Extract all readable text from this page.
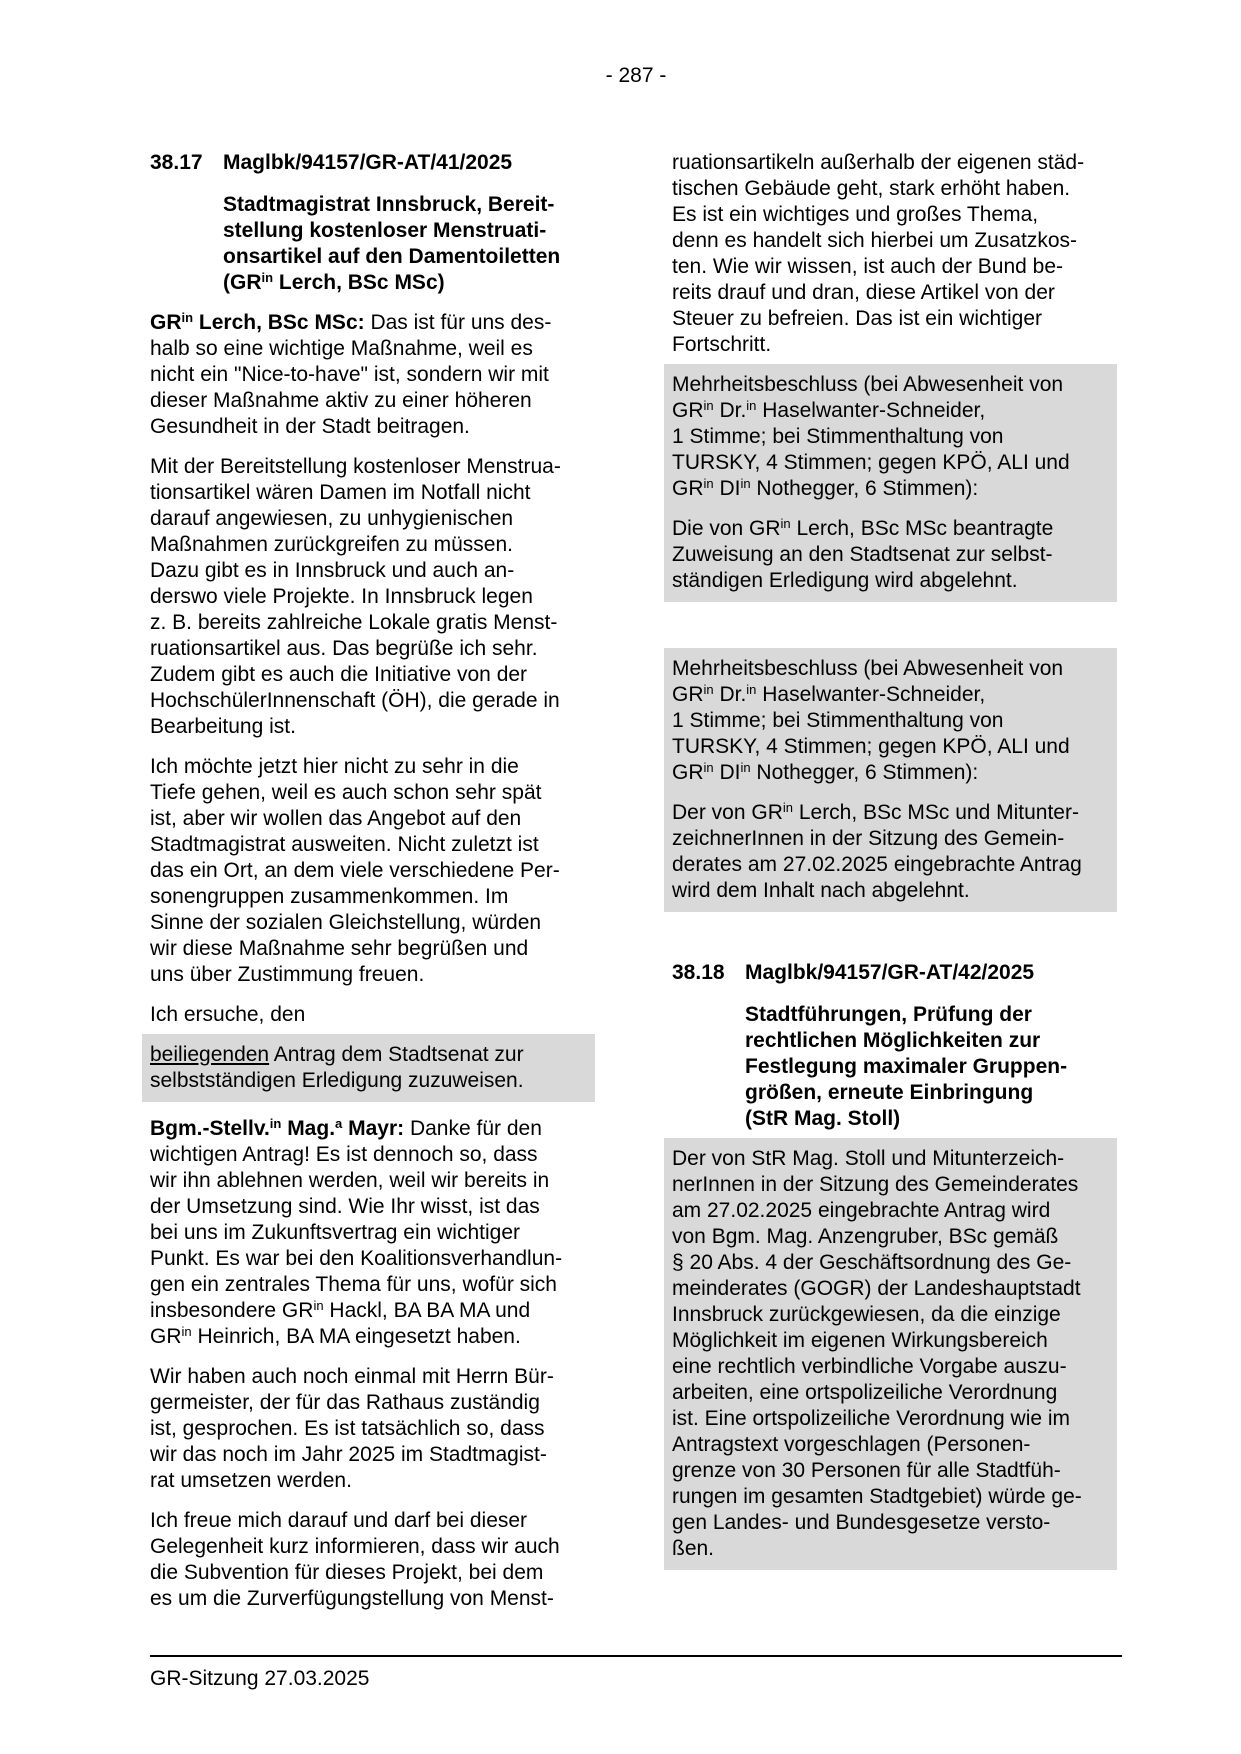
- 287 -
38.17 Maglbk/94157/GR-AT/41/2025
Stadtmagistrat Innsbruck, Bereit-
stellung kostenloser Menstruati-
onsartikel auf den Damentoiletten
($GR^{in}$ Lerch, BSc MSc)
$GR^{in}$ Lerch, BSc MSc: Das ist für uns des-
halb so eine wichtige Maßnahme, weil es
nicht ein "Nice-to-have" ist, sondern wir mit
dieser Maßnahme aktiv zu einer höheren
Gesundheit in der Stadt beitragen.
Mit der Bereitstellung kostenloser Menstrua-
tionsartikel wären Damen im Notfall nicht
darauf angewiesen, zu unhygienischen
Maßnahmen zurückgreifen zu müssen.
Dazu gibt es in Innsbruck und auch an-
derswo viele Projekte. In Innsbruck legen
z. B. bereits zahlreiche Lokale gratis Menst-
ruationsartikel aus. Das begrüße ich sehr.
Zudem gibt es auch die Initiative von der
HochschülerInnenschaft (ÖH), die gerade in
Bearbeitung ist.
Ich möchte jetzt hier nicht zu sehr in die
Tiefe gehen, weil es auch schon sehr spät
ist, aber wir wollen das Angebot auf den
Stadtmagistrat ausweiten. Nicht zuletzt ist
das ein Ort, an dem viele verschiedene Per-
sonengruppen zusammenkommen. Im
Sinne der sozialen Gleichstellung, würden
wir diese Maßnahme sehr begrüßen und
uns über Zustimmung freuen.
Ich ersuche, den
beiliegenden Antrag dem Stadtsenat zur
selbstständigen Erledigung zuzuweisen.
Bgm.-Stellv.$^{in}$ Mag.$^a$ Mayr: Danke für den
wichtigen Antrag! Es ist dennoch so, dass
wir ihn ablehnen werden, weil wir bereits in
der Umsetzung sind. Wie Ihr wisst, ist das
bei uns im Zukunftsvertrag ein wichtiger
Punkt. Es war bei den Koalitionsverhandlun-
gen ein zentrales Thema für uns, wofür sich
insbesondere $GR^{in}$ Hackl, BA BA MA und
$GR^{in}$ Heinrich, BA MA eingesetzt haben.
Wir haben auch noch einmal mit Herrn Bür-
germeister, der für das Rathaus zuständig
ist, gesprochen. Es ist tatsächlich so, dass
wir das noch im Jahr 2025 im Stadtmagist-
rat umsetzen werden.
Ich freue mich darauf und darf bei dieser
Gelegenheit kurz informieren, dass wir auch
die Subvention für dieses Projekt, bei dem
es um die Zurverfügungstellung von Menst-
ruationsartikeln außerhalb der eigenen städ-
tischen Gebäude geht, stark erhöht haben.
Es ist ein wichtiges und großes Thema,
denn es handelt sich hierbei um Zusatzkos-
ten. Wie wir wissen, ist auch der Bund be-
reits drauf und dran, diese Artikel von der
Steuer zu befreien. Das ist ein wichtiger
Fortschritt.
Mehrheitsbeschluss (bei Abwesenheit von
$GR^{in}$ Dr.$^{in}$ Haselwanter-Schneider,
1 Stimme; bei Stimmenthaltung von
TURSKY, 4 Stimmen; gegen KPÖ, ALI und
$GR^{in}$ $DI^{in}$ Nothegger, 6 Stimmen):
Die von $GR^{in}$ Lerch, BSc MSc beantragte
Zuweisung an den Stadtsenat zur selbst-
ständigen Erledigung wird abgelehnt.
Mehrheitsbeschluss (bei Abwesenheit von
$GR^{in}$ Dr.$^{in}$ Haselwanter-Schneider,
1 Stimme; bei Stimmenthaltung von
TURSKY, 4 Stimmen; gegen KPÖ, ALI und
$GR^{in}$ $DI^{in}$ Nothegger, 6 Stimmen):
Der von $GR^{in}$ Lerch, BSc MSc und Mitunter-
zeichnerInnen in der Sitzung des Gemein-
derates am 27.02.2025 eingebrachte Antrag
wird dem Inhalt nach abgelehnt.
38.18 Maglbk/94157/GR-AT/42/2025
Stadtführungen, Prüfung der
rechtlichen Möglichkeiten zur
Festlegung maximaler Gruppen-
größen, erneute Einbringung
(StR Mag. Stoll)
Der von StR Mag. Stoll und Mitunterzeich-
nerInnen in der Sitzung des Gemeinderates
am 27.02.2025 eingebrachte Antrag wird
von Bgm. Mag. Anzengruber, BSc gemäß
§ 20 Abs. 4 der Geschäftsordnung des Ge-
meinderates (GOGR) der Landeshauptstadt
Innsbruck zurückgewiesen, da die einzige
Möglichkeit im eigenen Wirkungsbereich
eine rechtlich verbindliche Vorgabe auszu-
arbeiten, eine ortspolizeiliche Verordnung
ist. Eine ortspolizeiliche Verordnung wie im
Antragstext vorgeschlagen (Personen-
grenze von 30 Personen für alle Stadtfüh-
rungen im gesamten Stadtgebiet) würde ge-
gen Landes- und Bundesgesetze versto-
ßen.
GR-Sitzung 27.03.2025
